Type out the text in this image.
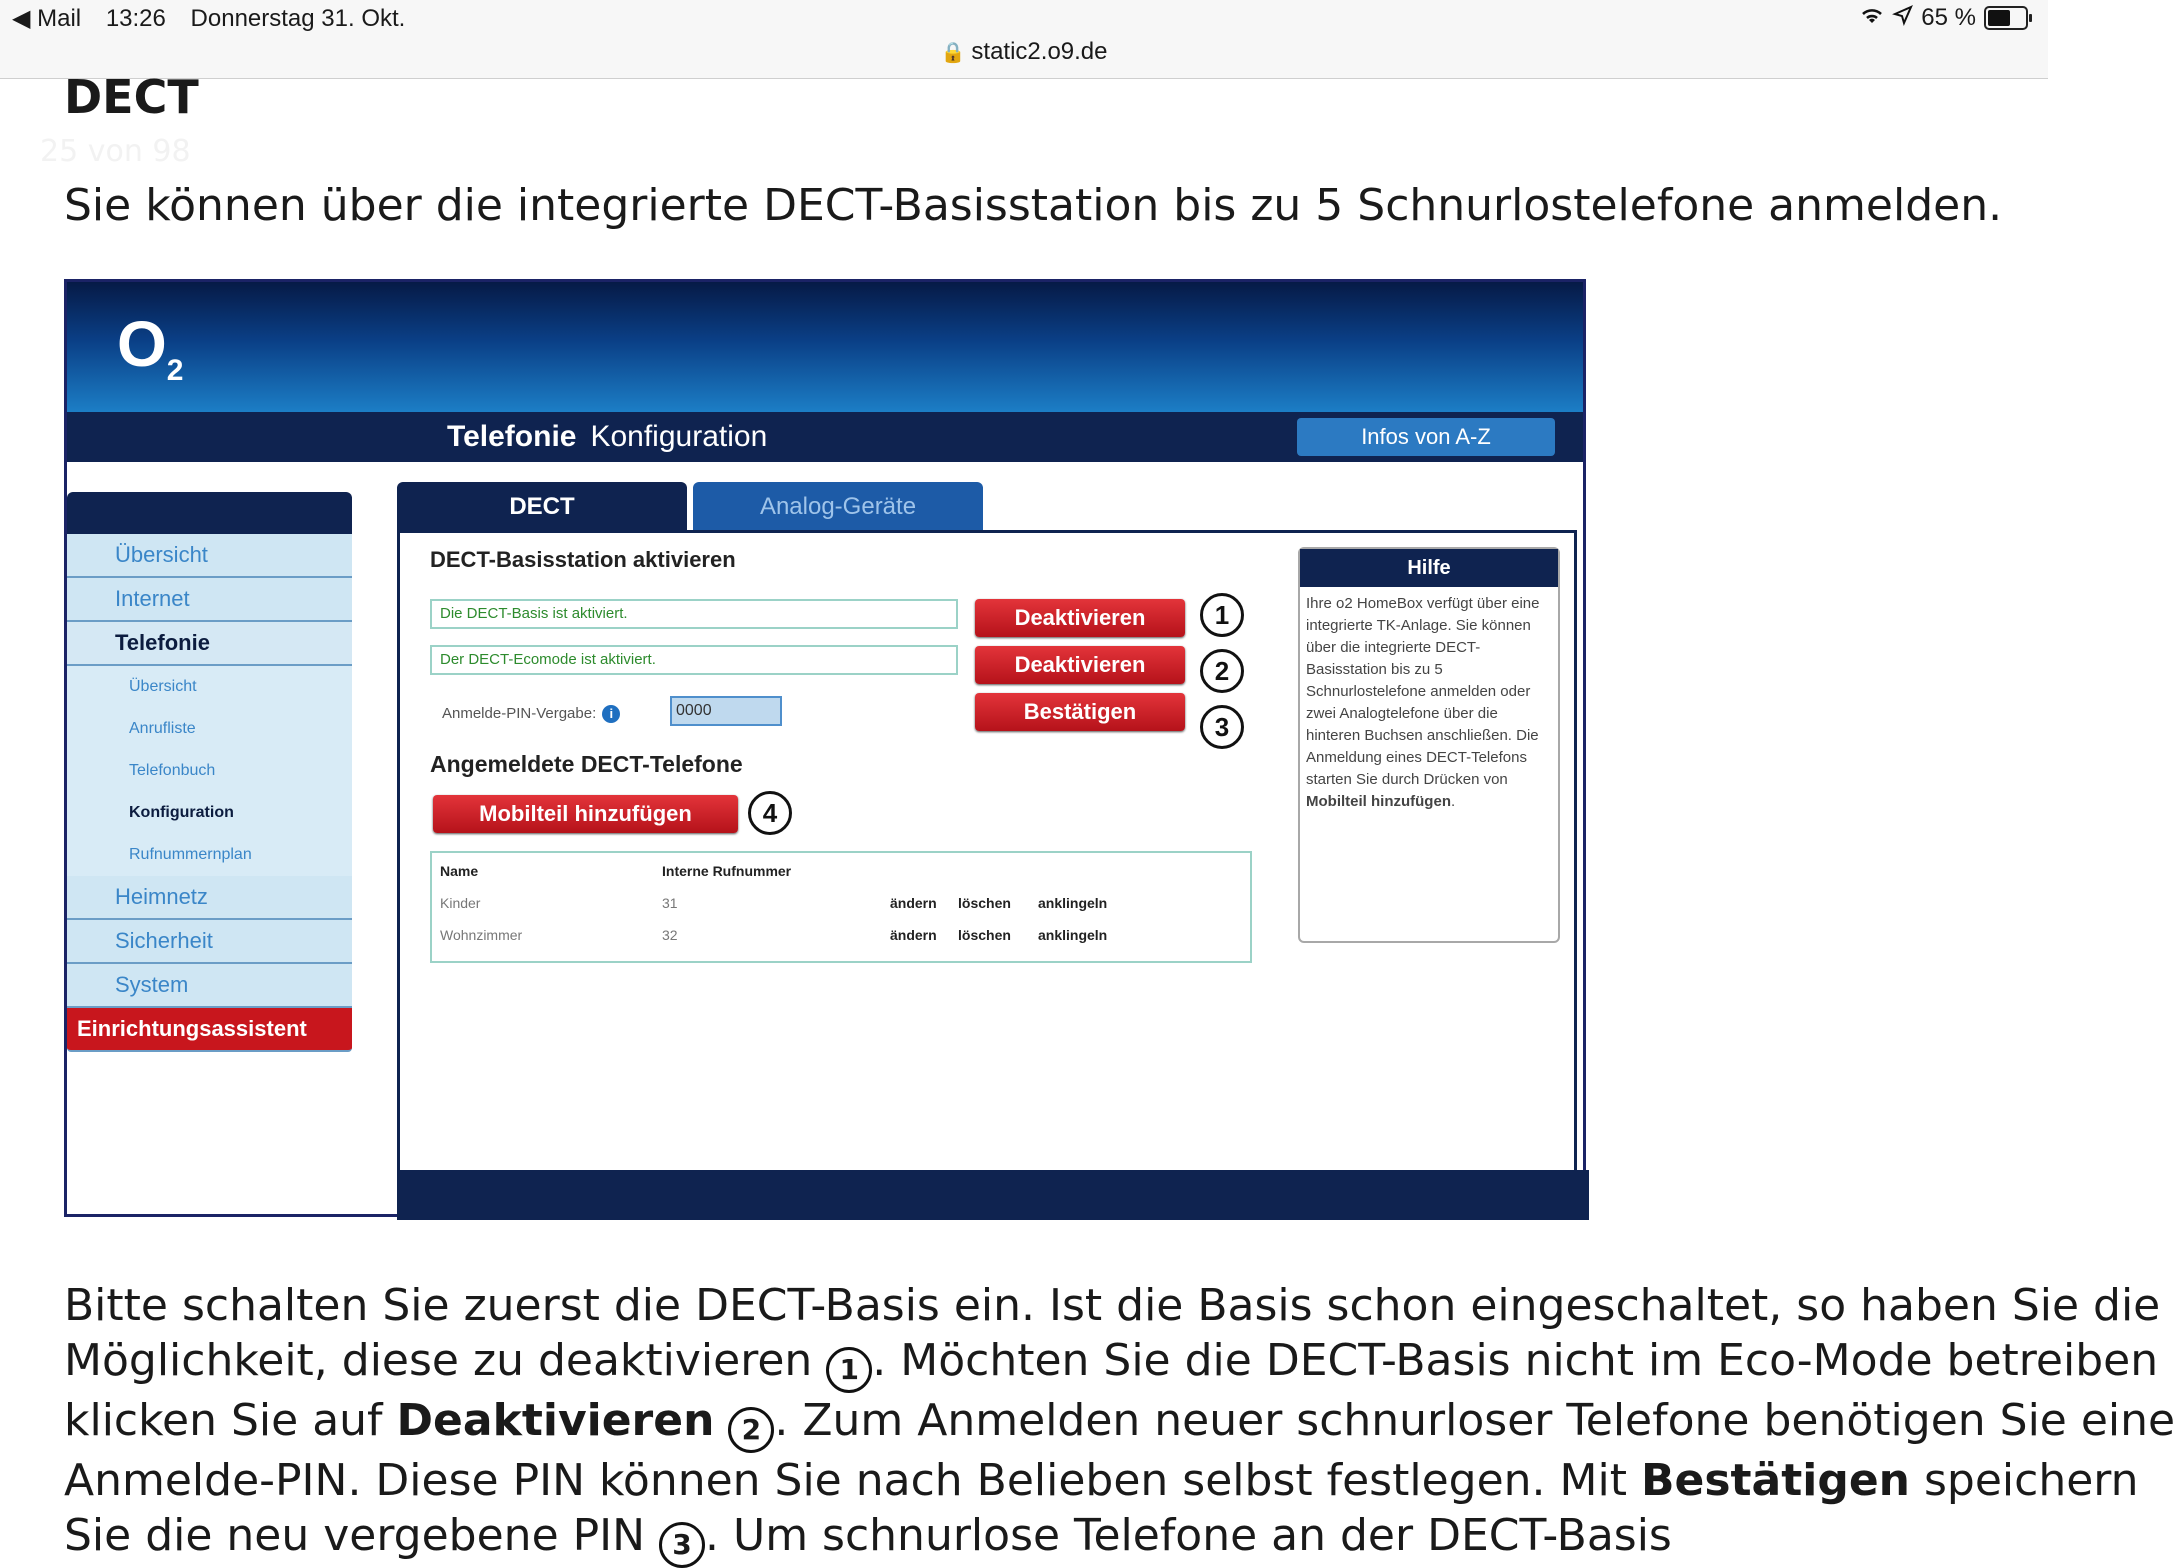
◀ Mail 13:26 Donnerstag 31. Okt.	65 %
🔒 static2.o9.de
DECT
25 von 98

Sie können über die integrierte DECT-Basisstation bis zu 5 Schnurlostelefone anmelden.

$O_2$
Telefonie Konfiguration	Infos von A-Z
Übersicht
Internet
Telefonie
Übersicht
Anrufliste
Telefonbuch
Konfiguration
Rufnummernplan
Heimnetz
Sicherheit
System
Einrichtungsassistent
DECT	Analog-Geräte
DECT-Basisstation aktivieren
Die DECT-Basis ist aktiviert.
Der DECT-Ecomode ist aktiviert.
Anmelde-PIN-Vergabe: i	0000
Deaktivieren
Deaktivieren
Bestätigen
1
2
3
Angemeldete DECT-Telefone
Mobilteil hinzufügen	4
Name	Interne Rufnummer
Kinder	31	ändern löschen anklingeln
Wohnzimmer	32	ändern löschen anklingeln
Hilfe
Ihre o2 HomeBox verfügt über eine integrierte TK-Anlage. Sie können über die integrierte DECT-Basisstation bis zu 5 Schnurlostelefone anmelden oder zwei Analogtelefone über die hinteren Buchsen anschließen. Die Anmeldung eines DECT-Telefons starten Sie durch Drücken von Mobilteil hinzufügen.

Bitte schalten Sie zuerst die DECT-Basis ein. Ist die Basis schon eingeschaltet, so haben Sie die
Möglichkeit, diese zu deaktivieren 1 . Möchten Sie die DECT-Basis nicht im Eco-Mode betreiben
klicken Sie auf Deaktivieren 2 . Zum Anmelden neuer schnurloser Telefone benötigen Sie eine
Anmelde-PIN. Diese PIN können Sie nach Belieben selbst festlegen. Mit Bestätigen speichern
Sie die neu vergebene PIN 3 . Um schnurlose Telefone an der DECT-Basis
